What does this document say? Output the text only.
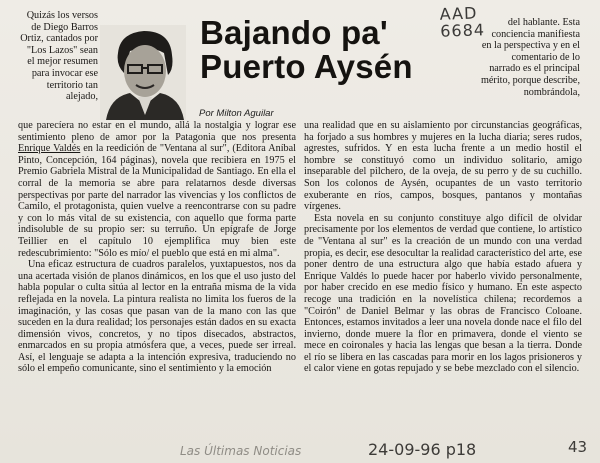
Bajando pa'
Puerto Aysén
Por Milton Aguilar
AAD
6684

Quizás los versos de Diego Barros Ortiz, cantados por "Los Lazos" sean el mejor resumen para invocar ese territorio tan alejado,

que parecíera no estar en el mundo, allá la nostalgia y lograr ese sentimiento pleno de amor por la Patagonia que nos presenta Enrique Valdés en la reedición de "Ventana al sur", (Editora Aníbal Pinto, Concepción, 164 páginas), novela que recibiera en 1975 el Premio Gabriela Mistral de la Municipalidad de Santiago. En ella el corral de la memoria se abre para relatarnos desde diversas perspectivas por parte del narrador las vivencias y los conflictos de Camilo, el protagonista, quien vuelve a reencontrarse con su padre y con lo más vital de su existencia, con aquello que forma parte indisoluble de su propio ser: su terruño. Un epígrafe de Jorge Teillier en el capítulo 10 ejemplifica muy bien este redescubrimiento: "Sólo es mío/ el pueblo que está en mi alma".

Una eficaz estructura de cuadros paralelos, yuxtapuestos, nos da una acertada visión de planos dinámicos, en los que el uso justo del habla popular o culta sitúa al lector en la entraña misma de la vida reflejada en la novela. La pintura realista no limita los fueros de la imaginación, y las cosas que pasan van de la mano con las que suceden en la dura realidad; los personajes están dados en su exacta dimensión vivos, concretos, y no tipos disecados, abstractos, enmarcados en su propia atmósfera que, a veces, puede ser irreal. Así, el lenguaje se adapta a la intención expresiva, traduciendo no sólo el empeño comunicante, sino el sentimiento y la emoción

del hablante. Esta conciencia manifiesta en la perspectiva y en el comentario de lo narrado es el principal mérito, porque describe, nombrándola,

una realidad que en su aislamiento por circunstancias geográficas, ha forjado a sus hombres y mujeres en la lucha diaria; seres rudos, agrestes, sufridos. Y en esta lucha frente a un medio hostil el hombre se constituyó como un individuo solitario, amigo inseparable del pilchero, de la oveja, de su perro y de su cuchillo. Son los colonos de Aysén, ocupantes de un vasto territorio exuberante en ríos, campos, bosques, pantanos y montañas vírgenes.

Esta novela en su conjunto constituye algo difícil de olvidar precisamente por los elementos de verdad que contiene, lo artístico de "Ventana al sur" es la creación de un mundo con una verdad propia, es decir, ese desocultar la realidad característico del arte, ese poner dentro de una estructura algo que había estado afuera y Enrique Valdés lo puede hacer por haberlo vivido personalmente, por haber crecido en ese medio físico y humano. En este aspecto recoge una tradición en la novelística chilena; recordemos a "Coirón" de Daniel Belmar y las obras de Francisco Coloane. Entonces, estamos invitados a leer una novela donde nace el filo del invierno, donde muere la flor en primavera, donde el viento se mece en coironales y hacia las lengas que besan a la tierra. Donde el río se libera en las cascadas para morir en los lagos prisioneros y el calor viene en gotas repujado y se bebe mezclado con el silencio.

Las Últimas Noticias	24-09-96 p18	43
